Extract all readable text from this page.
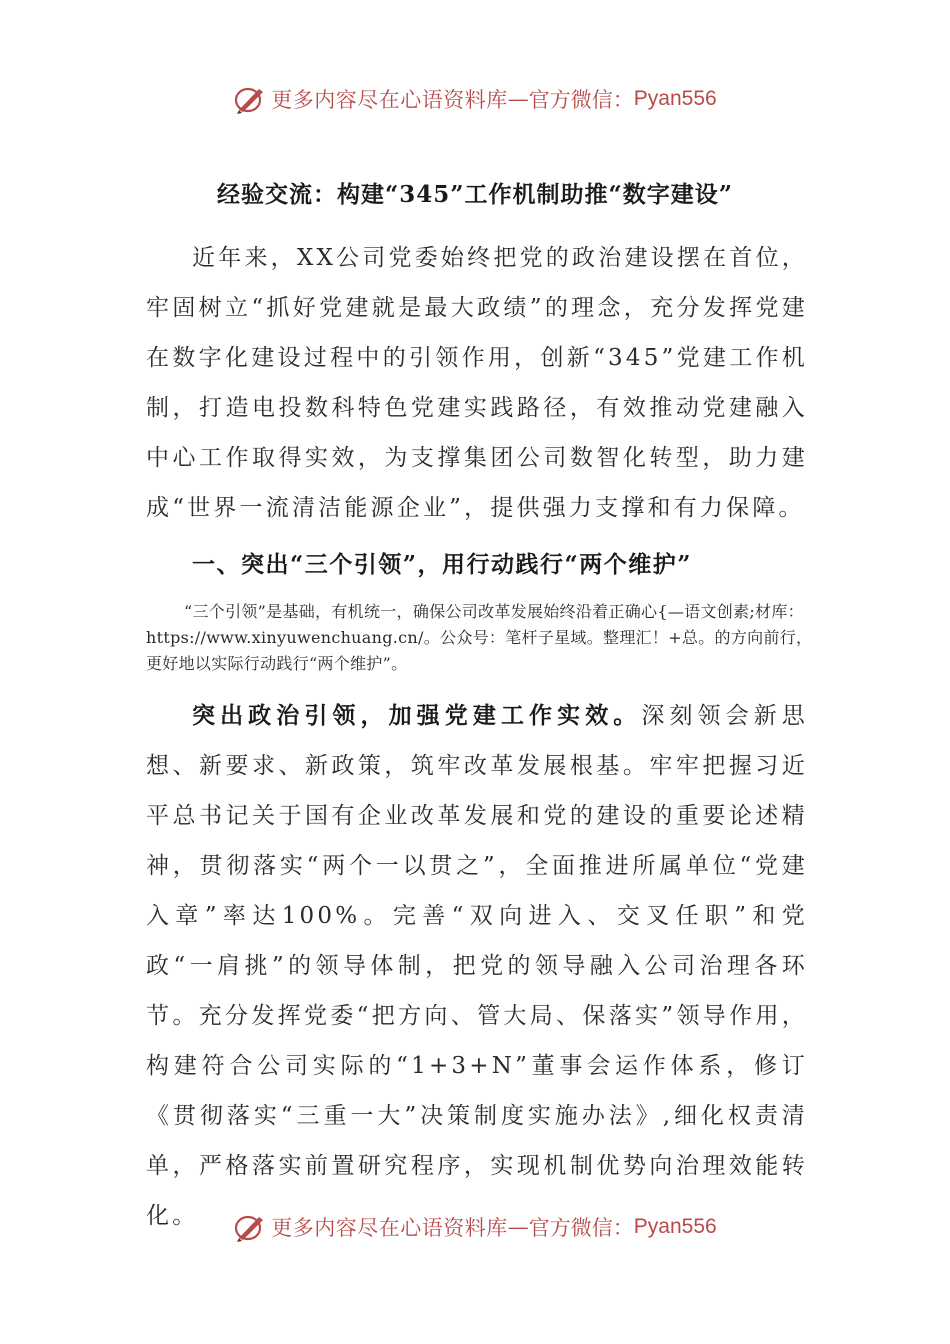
更多内容尽在心语资料库—官方微信：Pyan556
经验交流：构建“345”工作机制助推“数字建设”

近年来，XX公司党委始终把党的政治建设摆在首位，牢固树立“抓好党建就是最大政绩”的理念，充分发挥党建在数字化建设过程中的引领作用，创新“345”党建工作机制，打造电投数科特色党建实践路径，有效推动党建融入中心工作取得实效，为支撑集团公司数智化转型，助力建成“世界一流清洁能源企业”，提供强力支撑和有力保障。

一、突出“三个引领”，用行动践行“两个维护”

“三个引领”是基础，有机统一，确保公司改革发展始终沿着正确心{—语文创素;材库：https://www.xinyuwenchuang.cn/。公众号：笔杆子星域。整理汇！+总。的方向前行，更好地以实际行动践行“两个维护”。

突出政治引领，加强党建工作实效。深刻领会新思想、新要求、新政策，筑牢改革发展根基。牢牢把握习近平总书记关于国有企业改革发展和党的建设的重要论述精神，贯彻落实“两个一以贯之”，全面推进所属单位“党建入章”率达100%。完善“双向进入、交叉任职”和党政“一肩挑”的领导体制，把党的领导融入公司治理各环节。充分发挥党委“把方向、管大局、保落实”领导作用，构建符合公司实际的“1+3+N”董事会运作体系，修订《贯彻落实“三重一大”决策制度实施办法》,细化权责清单，严格落实前置研究程序，实现机制优势向治理效能转化。	更多内容尽在心语资料库—官方微信：Pyan556
